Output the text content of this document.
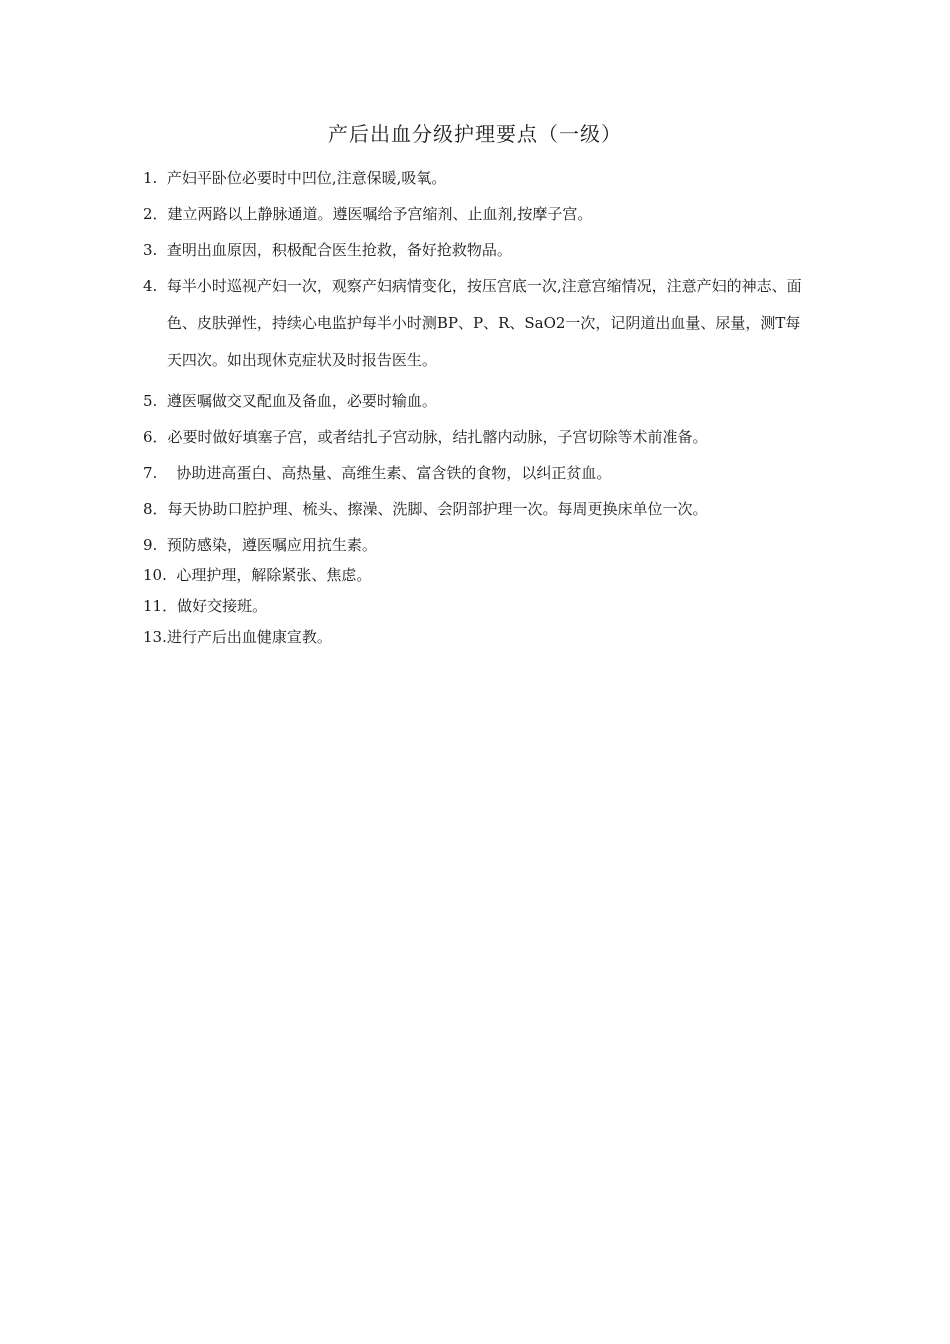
产后出血分级护理要点（一级）
1. 产妇平卧位必要时中凹位,注意保暖,吸氧。
2． 建立两路以上静脉通道。遵医嘱给予宫缩剂、止血剂,按摩子宫。
3. 查明出血原因，积极配合医生抢救，备好抢救物品。
4. 每半小时巡视产妇一次，观察产妇病情变化，按压宫底一次,注意宫缩情况，注意产妇的神志、面色、皮肤弹性，持续心电监护每半小时测BP、P、R、SaO2一次，记阴道出血量、尿量，测T每天四次。如出现休克症状及时报告医生。
5. 遵医嘱做交叉配血及备血，必要时输血。
6． 必要时做好填塞子宫，或者结扎子宫动脉，结扎髂内动脉，子宫切除等术前准备。
7. 协助进高蛋白、高热量、高维生素、富含铁的食物，以纠正贫血。
8． 每天协助口腔护理、梳头、擦澡、洗脚、会阴部护理一次。每周更换床单位一次。
9. 预防感染，遵医嘱应用抗生素。
10. 心理护理，解除紧张、焦虑。
11． 做好交接班。
13. 进行产后出血健康宣教。
